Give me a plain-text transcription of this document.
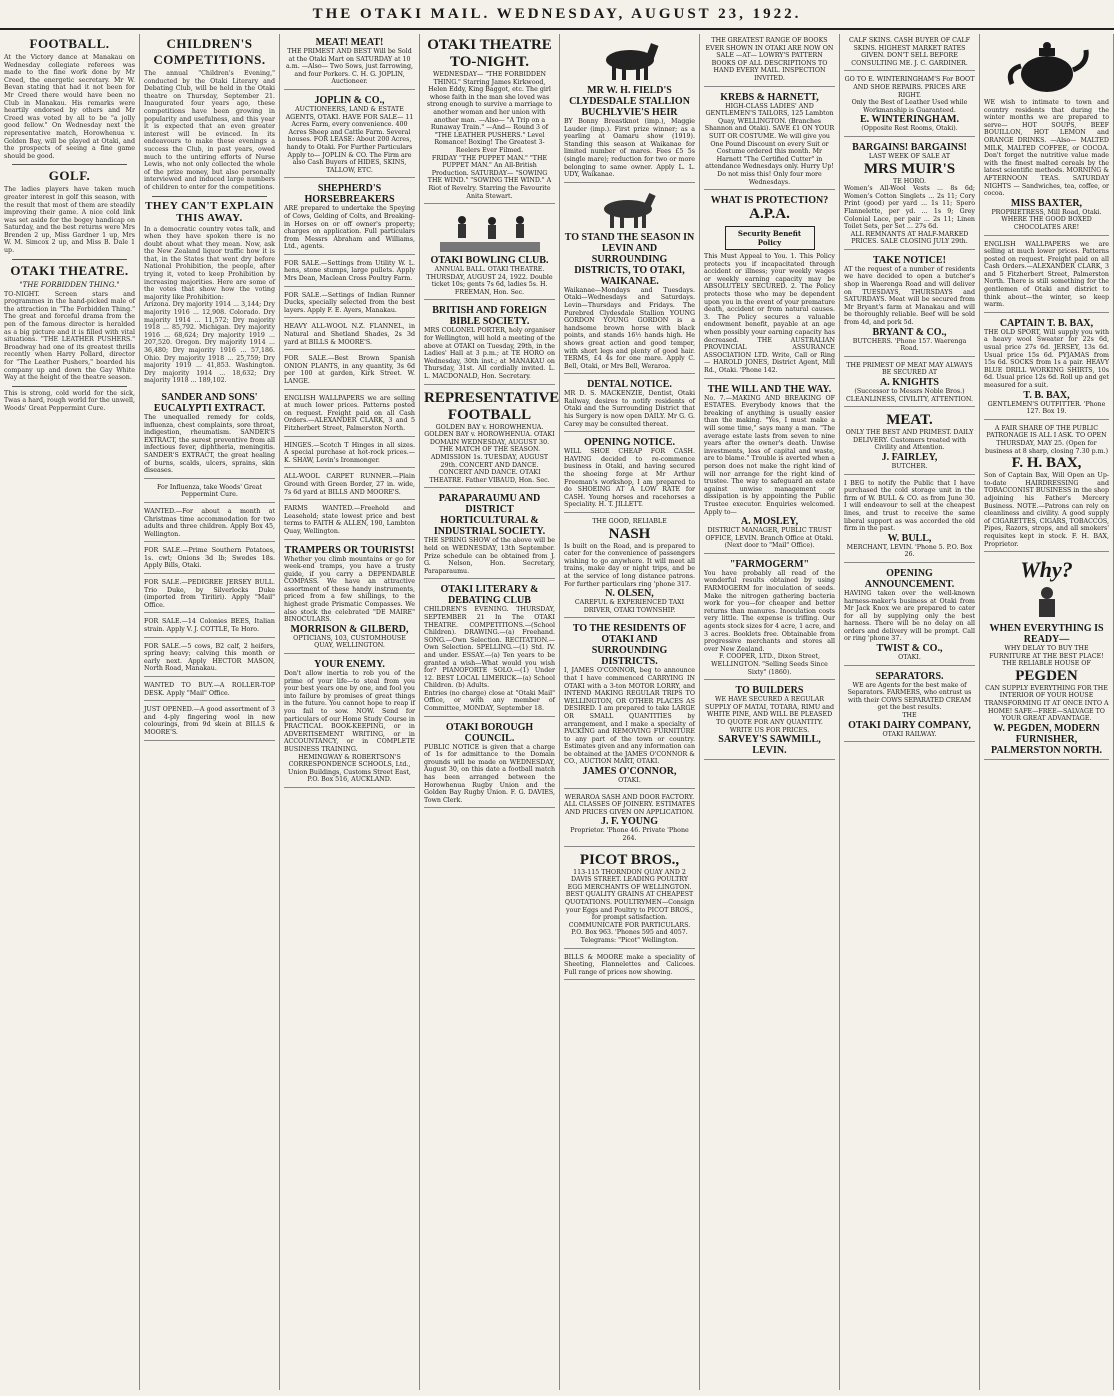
THE OTAKI MAIL. WEDNESDAY, AUGUST 23, 1922.
FOOTBALL.
At the Victory dance at Manakau on Wednesday collegiate referees was made to the fine work done by Mr Creed, the energetic secretary. Mr W. Bevan stating that had it not been for Mr Creed there would have been no Club in Manakau. His remarks were heartily endorsed by others and Mr Creed was voted by all to be "a jolly good fellow." On Wednesday next the representative match, Horowhenua v. Golden Bay, will be played at Otaki, and the prospects of seeing a fine game should be good.
GOLF.
The ladies players have taken much greater interest in golf this season, with the result that most of them are steadily improving their game. A nice cold link was set aside for the bogey handicap on Saturday, and the best returns were Mrs Brenden 2 up, Miss Gardner 1 up, Mrs W. M. Simcox 2 up, and Miss B. Dale 1 up.
OTAKI THEATRE.
"THE FORBIDDEN THING."
TO-NIGHT. Screen stars and programmes in the hand-picked male of the attraction in "The Forbidden Thing." The great and forceful drama from the pen of the famous director is heralded as a big picture and it is filled with vital situations. "THE LEATHER PUSHERS." Broadway had one of its greatest thrills recently when Harry Pollard, director for "The Leather Pushers," boarded his company up and down the Gay White Way at the height of the theatre season.
This is strong, cold world for the sick, Twas a hard, rough world for the unwell, Woods' Great Peppermint Cure.
CHILDREN'S COMPETITIONS.
The annual "Children's Evening," conducted by the Otaki Literary and Debating Club, will be held in the Otaki theatre on Thursday, September 21. Inaugurated four years ago, these competitions have been growing in popularity and usefulness, and this year it is expected that an even greater interest will be evinced. In its endeavours to make these evenings a success the Club, in past years, owed much to the untiring efforts of Nurse Lewis, who not only collected the whole of the prize money, but also personally interviewed and induced large numbers of children to enter for the competitions.
THEY CAN'T EXPLAIN THIS AWAY.
In a democratic country votes talk, and when they have spoken there is no doubt about what they mean. Now, ask the New Zealand liquor traffic how it is that, in the States that went dry before National Prohibition, the people, after trying it, voted to keep Prohibition by increasing majorities. Here are some of the votes that show how the voting majority like Prohibition:
Arizona. Dry majority 1914 ... 3,144; Dry majority 1916 ... 12,908. Colorado. Dry majority 1914 ... 11,572; Dry majority 1918 ... 85,792. Michigan. Dry majority 1916 ... 68,624; Dry majority 1919 ... 207,520. Oregon. Dry majority 1914 ... 36,480; Dry majority 1916 ... 57,186. Ohio. Dry majority 1918 ... 25,759; Dry majority 1919 ... 41,853. Washington. Dry majority 1914 ... 18,632; Dry majority 1918 ... 189,102.
SANDER AND SONS' EUCALYPTI EXTRACT.
The unequalled remedy for colds, influenza, chest complaints, sore throat, indigestion, rheumatism. SANDER'S EXTRACT, the surest preventive from all infectious fever, diphtheria, meningitis. SANDER'S EXTRACT, the great healing of burns, scalds, ulcers, sprains, skin diseases.
For Influenza, take Woods' Great Peppermint Cure.
WANTED.—For about a month at Christmas time accommodation for two adults and three children. Apply Box 45, Wellington.
FOR SALE.—Prime Southern Potatoes, 1s. cwt; Onions 3d lb; Swedes 18s. Apply Bills, Otaki.
FOR SALE.—PEDIGREE JERSEY BULL. Trio Duke, by Silverlocks Duke (imported from Tiritiri). Apply "Mail" Office.
FOR SALE.—14 Colonies BEES, Italian strain. Apply V. J. COTTLE, Te Horo.
FOR SALE.—5 cows, B2 calf, 2 heifers, spring heavy; calving this month or early next. Apply HECTOR MASON, North Road, Manakau.
WANTED TO BUY.—A ROLLER-TOP DESK. Apply "Mail" Office.
JUST OPENED.—A good assortment of 3 and 4-ply fingering wool in new colourings, from 9d skein at BILLS & MOORE'S.
MEAT! MEAT!
THE PRIMEST AND BEST Will be Sold at the Otaki Mart on SATURDAY at 10 a.m. —Also— Two Sows, just farrowing, and four Porkers. C. H. G. JOPLIN, Auctioneer.
JOPLIN & CO.,
AUCTIONEERS, LAND & ESTATE AGENTS, OTAKI. HAVE FOR SALE— 11 Acres Farm, every convenience. 400 Acres Sheep and Cattle Farm. Several houses. FOR LEASE: About 200 Acres, handy to Otaki. For Further Particulars Apply to— JOPLIN & CO. The Firm are also Cash Buyers of HIDES, SKINS, TALLOW, ETC.
SHEPHERD'S HORSEBREAKERS
ARE prepared to undertake the Speying of Cows, Gelding of Colts, and Breaking-in Horses on or off owner's property; charges on application. Full particulars from Messrs Abraham and Williams, Ltd., agents.
FOR SALE.—Settings from Utility W. L. hens, stone stumps, large pullets. Apply Mrs Dean, Maclean Cross Poultry Farm.
FOR SALE.—Settings of Indian Runner Ducks, specially selected from the best layers. Apply F. E. Ayers, Manakau.
HEAVY ALL-WOOL N.Z. FLANNEL, in Natural and Shetland Shades, 2s 3d yard at BILLS & MOORE'S.
FOR SALE.—Best Brown Spanish ONION PLANTS, in any quantity, 3s 6d per 100 at garden, Kirk Street. W. LANGE.
ENGLISH WALLPAPERS we are selling at much lower prices. Patterns posted on request. Freight paid on all Cash Orders.—ALEXANDER CLARK, 3 and 5 Fitzherbert Street, Palmerston North.
HINGES.—Scotch T Hinges in all sizes. A special purchase at hot-rock prices.—K. SHAW, Levin's Ironmonger.
ALL-WOOL CARPET RUNNER.—Plain Ground with Green Border, 27 in. wide, 7s 6d yard at BILLS AND MOORE'S.
FARMS WANTED.—Freehold and Leasehold; state lowest price and best terms to FAITH & ALLEN, 190, Lambton Quay, Wellington.
TRAMPERS OR TOURISTS!
Whether you climb mountains or go for week-end tramps, you have a trusty guide, if you carry a DEPENDABLE COMPASS. We have an attractive assortment of these handy instruments, priced from a few shillings, to the highest grade Prismatic Compasses. We also stock the celebrated "DE MAIRE" BINOCULARS.
MORRISON & GILBERD,
OPTICIANS, 103, CUSTOMHOUSE QUAY, WELLINGTON.
YOUR ENEMY.
Don't allow inertia to rob you of the prime of your life—to steal from you your best years one by one, and fool you into failure by promises of great things in the future. You cannot hope to reap if you fail to sow. NOW. Send for particulars of our Home Study Course in PRACTICAL BOOK-KEEPING, or in ADVERTISEMENT WRITING, or in ACCOUNTANCY, or in COMPLETE BUSINESS TRAINING.
HEMINGWAY & ROBERTSON'S CORRESPONDENCE SCHOOLS, Ltd., Union Buildings, Customs Street East, P.O. Box 516, AUCKLAND.
OTAKI THEATRE TO-NIGHT.
WEDNESDAY— "THE FORBIDDEN THING." Starring James Kirkwood, Helen Eddy, King Baggot, etc. The girl whose faith in the man she loved was strong enough to survive a marriage to another woman and her union with another man. —Also— "A Trip on a Runaway Train." —And— Round 3 of "THE LEATHER PUSHERS." Level Romance! Boxing! The Greatest 3-Reelers Ever Filmed.
FRIDAY "THE PUPPET MAN." "THE PUPPET MAN." An All-British Production. SATURDAY— "SOWING THE WIND." "SOWING THE WIND." A Riot of Revelry. Starring the Favourite Anita Stewart.
OTAKI BOWLING CLUB.
ANNUAL BALL. OTAKI THEATRE. THURSDAY, AUGUST 24, 1922. Double ticket 10s; gents 7s 6d, ladies 5s. H. FREEMAN, Hon. Sec.
BRITISH AND FOREIGN BIBLE SOCIETY.
MRS COLONEL PORTER, holy organiser for Wellington, will hold a meeting of the above at OTAKI on Tuesday, 29th, in the Ladies' Hall at 3 p.m.; at TE HORO on Wednesday, 30th inst.; at MANAKAU on Thursday, 31st. All cordially invited. L. L. MACDONALD, Hon. Secretary.
REPRESENTATIVE FOOTBALL
GOLDEN BAY v. HOROWHENUA. GOLDEN BAY v. HOROWHENUA. OTAKI DOMAIN WEDNESDAY, AUGUST 30. THE MATCH OF THE SEASON. ADMISSION 1s. TUESDAY, AUGUST 29th. CONCERT AND DANCE. CONCERT AND DANCE. OTAKI THEATRE. Father VIBAUD, Hon. Sec.
PARAPARAUMU AND DISTRICT HORTICULTURAL & INDUSTRIAL SOCIETY.
THE SPRING SHOW of the above will be held on WEDNESDAY, 13th September. Prize schedule can be obtained from J. G. Nelson, Hon. Secretary, Paraparaumu.
OTAKI LITERARY & DEBATING CLUB
CHILDREN'S EVENING. THURSDAY, SEPTEMBER 21 In The OTAKI THEATRE. COMPETITIONS.—(School Children). DRAWING.—(a) Freehand. SONG.—Own Selection. RECITATION.—Own Selection. SPELLING.—(1) Std. IV. and under. ESSAY.—(a) Ten years to be granted a wish—What would you wish for? PIANOFORTE SOLO.—(1) Under 12. BEST LOCAL LIMERICK—(a) School Children. (b) Adults.
Entries (no charge) close at "Otaki Mail" Office, or with any member of Committee, MONDAY, September 18.
OTAKI BOROUGH COUNCIL.
PUBLIC NOTICE is given that a charge of 1s for admittance to the Domain grounds will be made on WEDNESDAY, August 30, on this date a football match has been arranged between the Horowhenua Rugby Union and the Golden Bay Rugby Union. F. G. DAVIES, Town Clerk.
MR W. H. FIELD'S CLYDESDALE STALLION BUCHLYVIE'S HEIR
BY Bonny Breastknot (imp.), Maggie Lauder (imp.). First prize winner; as a yearling at Oamaru show (1919). Standing this season at Waikanae for limited number of mares. Fees £5 5s (single mare); reduction for two or more belonging to same owner. Apply L. L. UDY, Waikanae.
TO STAND THE SEASON IN LEVIN AND SURROUNDING DISTRICTS, TO OTAKI, WAIKANAE.
Waikanae—Mondays and Tuesdays. Otaki—Wednesdays and Saturdays. Levin—Thursdays and Fridays. The Purebred Clydesdale Stallion YOUNG GORDON YOUNG GORDON is a handsome brown horse with black points, and stands 16½ hands high. He shows great action and good temper, with short legs and plenty of good hair. TERMS, £4 4s for one mare. Apply C. Bell, Otaki, or Mrs Bell, Weraroa.
DENTAL NOTICE.
MR D. S. MACKENZIE, Dentist, Otaki Railway, desires to notify residents of Otaki and the Surrounding District that his Surgery is now open DAILY. Mr G. G. Carey may be consulted thereat.
OPENING NOTICE.
WILL SHOE CHEAP FOR CASH. HAVING decided to re-commence business in Otaki, and having secured the shoeing forge at Mr Arthur Freeman's workshop, I am prepared to do SHOEING AT A LOW RATE for CASH. Young horses and racehorses a Speciality. H. T. JILLETT.
THE GOOD, RELIABLE
NASH
Is built on the Road, and is prepared to cater for the convenience of passengers wishing to go anywhere. It will meet all trains, make day or night trips, and be at the service of long distance patrons. For further particulars ring 'phone 317.
N. OLSEN,
CAREFUL & EXPERIENCED TAXI DRIVER, OTAKI TOWNSHIP.
TO THE RESIDENTS OF OTAKI AND SURROUNDING DISTRICTS.
I, JAMES O'CONNOR, beg to announce that I have commenced CARRYING IN OTAKI with a 3-ton MOTOR LORRY, and INTEND MAKING REGULAR TRIPS TO WELLINGTON, OR OTHER PLACES AS DESIRED. I am prepared to take LARGE OR SMALL QUANTITIES by arrangement, and I make a specialty of PACKING and REMOVING FURNITURE to any part of the town or country. Estimates given and any information can be obtained at the JAMES O'CONNOR & CO., AUCTION MART, OTAKI.
JAMES O'CONNOR,
OTAKI.
WERAROA SASH AND DOOR FACTORY. ALL CLASSES OF JOINERY. ESTIMATES AND PRICES GIVEN ON APPLICATION.
J. F. YOUNG
Proprietor. 'Phone 46. Private 'Phone 264.
PICOT BROS.,
113-115 THORNDON QUAY AND 2 DAVIS STREET. LEADING POULTRY EGG MERCHANTS OF WELLINGTON. BEST QUALITY GRAINS AT CHEAPEST QUOTATIONS. POULTRYMEN—Consign your Eggs and Poultry to PICOT BROS., for prompt satisfaction. COMMUNICATE FOR PARTICULARS. P.O. Box 963. 'Phones 595 and 4057. Telegrams: "Picot" Wellington.
BILLS & MOORE make a speciality of Sheeting, Flannelettes and Calicoes. Full range of prices now showing.
THE GREATEST RANGE OF BOOKS EVER SHOWN IN OTAKI ARE NOW ON SALE —AT— LOWRY'S PATTERN BOOKS OF ALL DESCRIPTIONS TO HAND EVERY MAIL. INSPECTION INVITED.
KREBS & HARNETT,
HIGH-CLASS LADIES' AND GENTLEMEN'S TAILORS, 125 Lambton Quay, WELLINGTON. (Branches Shannon and Otaki). SAVE £1 ON YOUR SUIT OR COSTUME. We will give you One Pound Discount on every Suit or Costume ordered this month. Mr Harnett "The Certified Cutter" in attendance Wednesdays only. Hurry Up! Do not miss this! Only four more Wednesdays.
WHAT IS PROTECTION?
A.P.A.
Security Benefit
Policy
This Must Appeal to You. 1. This Policy protects you if incapacitated through accident or illness; your weekly wages or weekly earning capacity may be ABSOLUTELY SECURED. 2. The Policy protects those who may be dependent upon you in the event of your premature death, accident or from natural causes. 3. The Policy secures a valuable endowment benefit, payable at an age when possibly your earning capacity has decreased. THE AUSTRALIAN PROVINCIAL ASSURANCE ASSOCIATION LTD. Write, Call or Ring— HAROLD JONES, District Agent, Mill Rd., Otaki. 'Phone 142.
THE WILL AND THE WAY.
No. 7.—MAKING AND BREAKING OF ESTATES. Everybody knows that the breaking of anything is usually easier than the making. "Yes, I must make a will some time," says many a man. "The average estate lasts from seven to nine years after the owner's death. Unwise investments, loss of capital and waste, are to blame." Trouble is averted when a person does not make the right kind of will nor arrange for the right kind of trustee. The way to safeguard an estate against unwise management or dissipation is by appointing the Public Trustee executor. Enquiries welcomed. Apply to—
A. MOSLEY,
DISTRICT MANAGER, PUBLIC TRUST OFFICE, LEVIN. Branch Office at Otaki. (Next door to "Mail" Office).
"FARMOGERM"
You have probably all read of the wonderful results obtained by using FARMOGERM for inoculation of seeds. Make the nitrogen gathering bacteria work for you—for cheaper and better returns than manures. Inoculation costs very little. The expense is trifling. Our agents stock sizes for 4 acre, 1 acre, and 3 acres. Booklets free. Obtainable from progressive merchants and stores all over New Zealand.
F. COOPER, LTD., Dixon Street, WELLINGTON. "Selling Seeds Since Sixty" (1860).
TO BUILDERS
WE HAVE SECURED A REGULAR SUPPLY OF MATAI, TOTARA, RIMU and WHITE PINE, AND WILL BE PLEASED TO QUOTE FOR ANY QUANTITY. WRITE US FOR PRICES.
SARVEY'S SAWMILL, LEVIN.
CALF SKINS. CASH BUYER OF CALF SKINS. HIGHEST MARKET RATES GIVEN. DON'T SELL BEFORE CONSULTING ME. J. C. GARDINER.
GO TO E. WINTERINGHAM'S For BOOT AND SHOE REPAIRS. PRICES ARE RIGHT.
Only the Best of Leather Used while Workmanship is Guaranteed.
E. WINTERINGHAM.
(Opposite Rest Rooms, Otaki).
BARGAINS! BARGAINS!
LAST WEEK OF SALE AT
MRS MUIR'S
TE HORO.
Women's All-Wool Vests ... 8s 6d; Women's Cotton Singlets ... 2s 11; Cory Print (good) per yard ... 1s 11; Spero Flannelette, per yd. ... 1s 9; Grey Colonial Lace, per pair ... 2s 11; Linen Toilet Sets, per Set ... 27s 6d.
ALL REMNANTS AT HALF-MARKED PRICES. SALE CLOSING JULY 29th.
TAKE NOTICE!
AT the request of a number of residents we have decided to open a butcher's shop in Waerenga Road and will deliver on TUESDAYS, THURSDAYS and SATURDAYS. Meat will be secured from Mr Bryant's farm at Manakau and will be thoroughly reliable. Beef will be sold from 4d, and pork 5d.
BRYANT & CO.,
BUTCHERS. 'Phone 157. Waerenga Road.
THE PRIMEST OF MEAT MAY ALWAYS BE SECURED AT
A. KNIGHTS
(Successor to Messrs Noble Bros.) CLEANLINESS, CIVILITY, ATTENTION.
MEAT.
ONLY THE BEST AND PRIMEST. DAILY DELIVERY. Customers treated with Civility and Attention.
J. FAIRLEY,
BUTCHER.
I BEG to notify the Public that I have purchased the cold storage unit in the firm of W. BULL & CO. as from June 30. I will endeavour to sell at the cheapest lines, and trust to receive the same liberal support as was accorded the old firm in the past.
W. BULL,
MERCHANT, LEVIN. 'Phone 5. P.O. Box 26.
OPENING ANNOUNCEMENT.
HAVING taken over the well-known harness-maker's business at Otaki from Mr Jack Knox we are prepared to cater for all by supplying only the best harness. There will be no delay on all orders and delivery will be prompt. Call or ring 'phone 37.
TWIST & CO.,
OTAKI.
SEPARATORS.
WE are Agents for the best make of Separators. FARMERS, who entrust us with their COWS SEPARATED CREAM get the best results.
THE
OTAKI DAIRY COMPANY,
OTAKI RAILWAY.
WE wish to intimate to town and country residents that during the winter months we are prepared to serve— HOT SOUPS, BEEF BOUILLON, HOT LEMON and ORANGE DRINKS. —Also— MALTED MILK, MALTED COFFEE, or COCOA. Don't forget the nutritive value made with the finest malted cereals by the latest scientific methods. MORNING & AFTERNOON TEAS. SATURDAY NIGHTS — Sandwiches, tea, coffee, or cocoa.
MISS BAXTER,
PROPRIETRESS, Mill Road, Otaki. WHERE THE GOOD BOXED CHOCOLATES ARE!
ENGLISH WALLPAPERS we are selling at much lower prices. Patterns posted on request. Freight paid on all Cash Orders.—ALEXANDER CLARK, 3 and 5 Fitzherbert Street, Palmerston North. There is still something for the gentlemen of Otaki and district to think about—the winter, so keep warm.
CAPTAIN T. B. BAX,
THE OLD SPORT, Will supply you with a heavy wool Sweater for 22s 6d, usual price 27s 6d. JERSEY, 13s 6d. Usual price 15s 6d. PYJAMAS from 15s 6d. SOCKS from 1s a pair. HEAVY BLUE DRILL WORKING SHIRTS, 10s 6d. Usual price 12s 6d. Roll up and get measured for a suit.
T. B. BAX,
GENTLEMEN'S OUTFITTER. 'Phone 127. Box 19.
A FAIR SHARE OF THE PUBLIC PATRONAGE IS ALL I ASK. TO OPEN THURSDAY, MAY 25. (Open for business at 8 sharp, closing 7.30 p.m.)
F. H. BAX,
Son of Captain Bax, Will Open an Up-to-date HAIRDRESSING and TOBACCONIST BUSINESS in the shop adjoining his Father's Mercery Business. NOTE.—Patrons can rely on cleanliness and civility. A good supply of CIGARETTES, CIGARS, TOBACCOS, Pipes, Razors, strops, and all smokers' requisites kept in stock. F. H. BAX, Proprietor.
Why?
WHEN EVERYTHING IS READY—
WHY DELAY TO BUY THE FURNITURE AT THE BEST PLACE! THE RELIABLE HOUSE OF
PEGDEN
CAN SUPPLY EVERYTHING FOR THE INTERIOR OF YOUR HOUSE TRANSFORMING IT AT ONCE INTO A HOME! SAFE—FREE—SALVAGE TO YOUR GREAT ADVANTAGE.
W. PEGDEN, MODERN FURNISHER, PALMERSTON NORTH.
